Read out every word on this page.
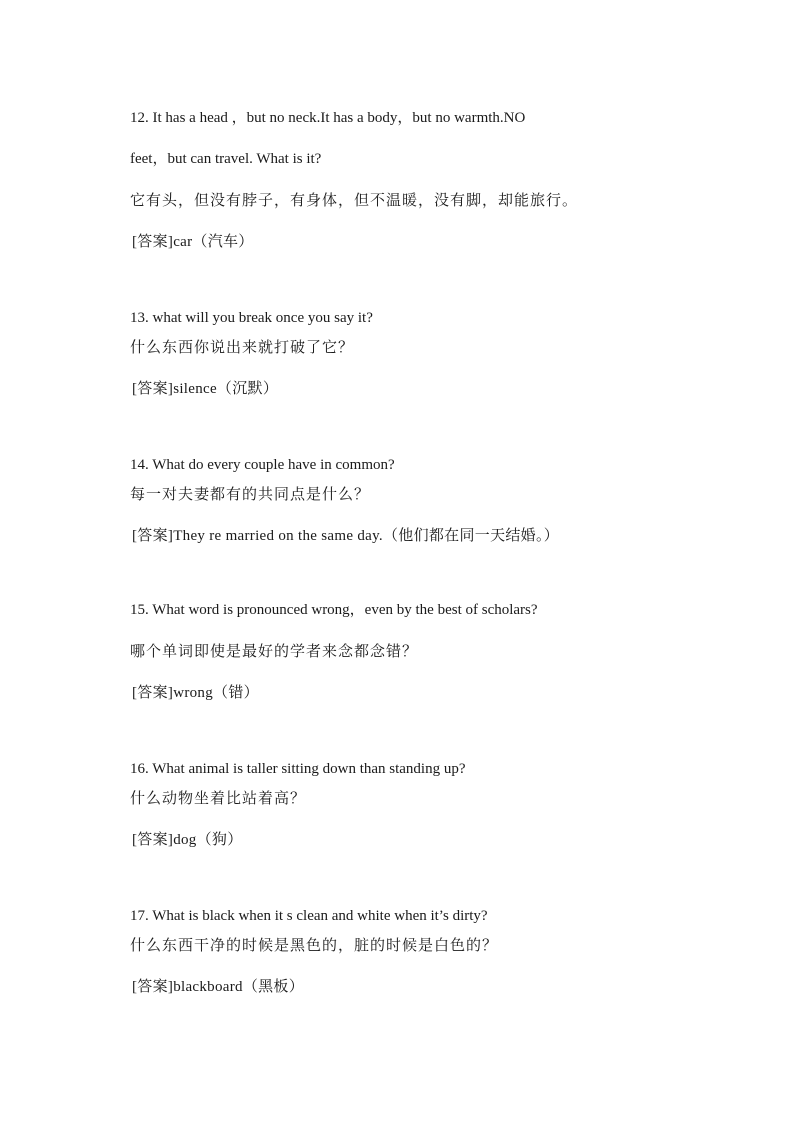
12. It has a head ，but no neck.It has a body，but no warmth.NO
feet，but can travel. What is it?
它有头，但没有脖子，有身体，但不温暖，没有脚，却能旅行。
[答案]car（汽车）
13. what will you break once you say it?
什么东西你说出来就打破了它？
[答案]silence（沉默）
14. What do every couple have in common?
每一对夫妻都有的共同点是什么？
[答案]They re married on the same day.（他们都在同一天结婚。）
15. What word is pronounced wrong，even by the best of scholars?
哪个单词即使是最好的学者来念都念错？
[答案]wrong（错）
16. What animal is taller sitting down than standing up?
什么动物坐着比站着高？
[答案]dog（狗）
17. What is black when it s clean and white when it’s dirty?
什么东西干净的时候是黑色的，脏的时候是白色的？
[答案]blackboard（黑板）
